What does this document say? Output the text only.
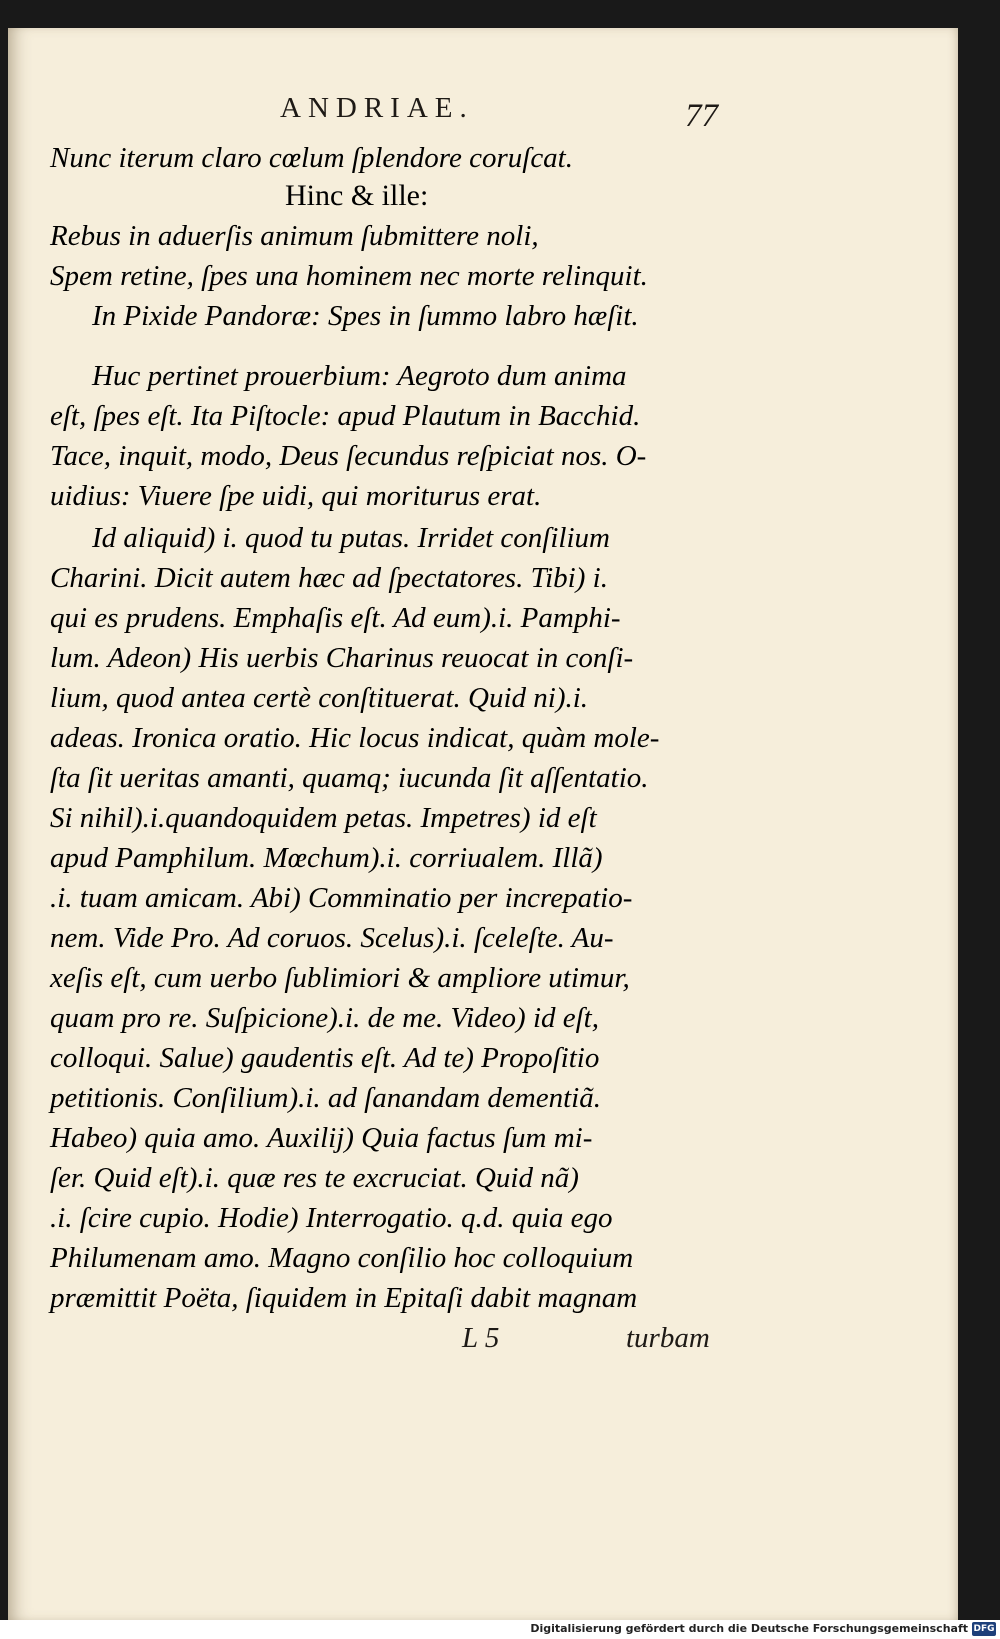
ANDRIAE.	77
Nunc iterum claro cœlum ſplendore coruſcat.
Hinc & ille:
Rebus in aduerſis animum ſubmittere noli,
Spem retine, ſpes una hominem nec morte relinquit.
In Pixide Pandoræ: Spes in ſummo labro hæſit.
Huc pertinet prouerbium: Aegroto dum anima
eſt, ſpes eſt. Ita Piſtocle: apud Plautum in Bacchid.
Tace, inquit, modo, Deus ſecundus reſpiciat nos. O-
uidius: Viuere ſpe uidi, qui moriturus erat.
Id aliquid) i. quod tu putas. Irridet conſilium
Charini. Dicit autem hæc ad ſpectatores. Tibi) i.
qui es prudens. Emphaſis eſt. Ad eum).i. Pamphi-
lum. Adeon) His uerbis Charinus reuocat in conſi-
lium, quod antea certè conſtituerat. Quid ni).i.
adeas. Ironica oratio. Hic locus indicat, quàm mole-
ſta ſit ueritas amanti, quamq; iucunda ſit aſſentatio.
Si nihil).i.quandoquidem petas. Impetres) id eſt
apud Pamphilum. Mœchum).i. corriualem. Illã)
.i. tuam amicam. Abi) Comminatio per increpatio-
nem. Vide Pro. Ad coruos. Scelus).i. ſceleſte. Au-
xeſis eſt, cum uerbo ſublimiori & ampliore utimur,
quam pro re. Suſpicione).i. de me. Video) id eſt,
colloqui. Salue) gaudentis eſt. Ad te) Propoſitio
petitionis. Conſilium).i. ad ſanandam dementiã.
Habeo) quia amo. Auxilij) Quia factus ſum mi-
ſer. Quid eſt).i. quæ res te excruciat. Quid nã)
.i. ſcire cupio. Hodie) Interrogatio. q.d. quia ego
Philumenam amo. Magno conſilio hoc colloquium
præmittit Poëta, ſiquidem in Epitaſi dabit magnam
L 5	turbam
Digitalisierung gefördert durch die Deutsche Forschungsgemeinschaft DFG
